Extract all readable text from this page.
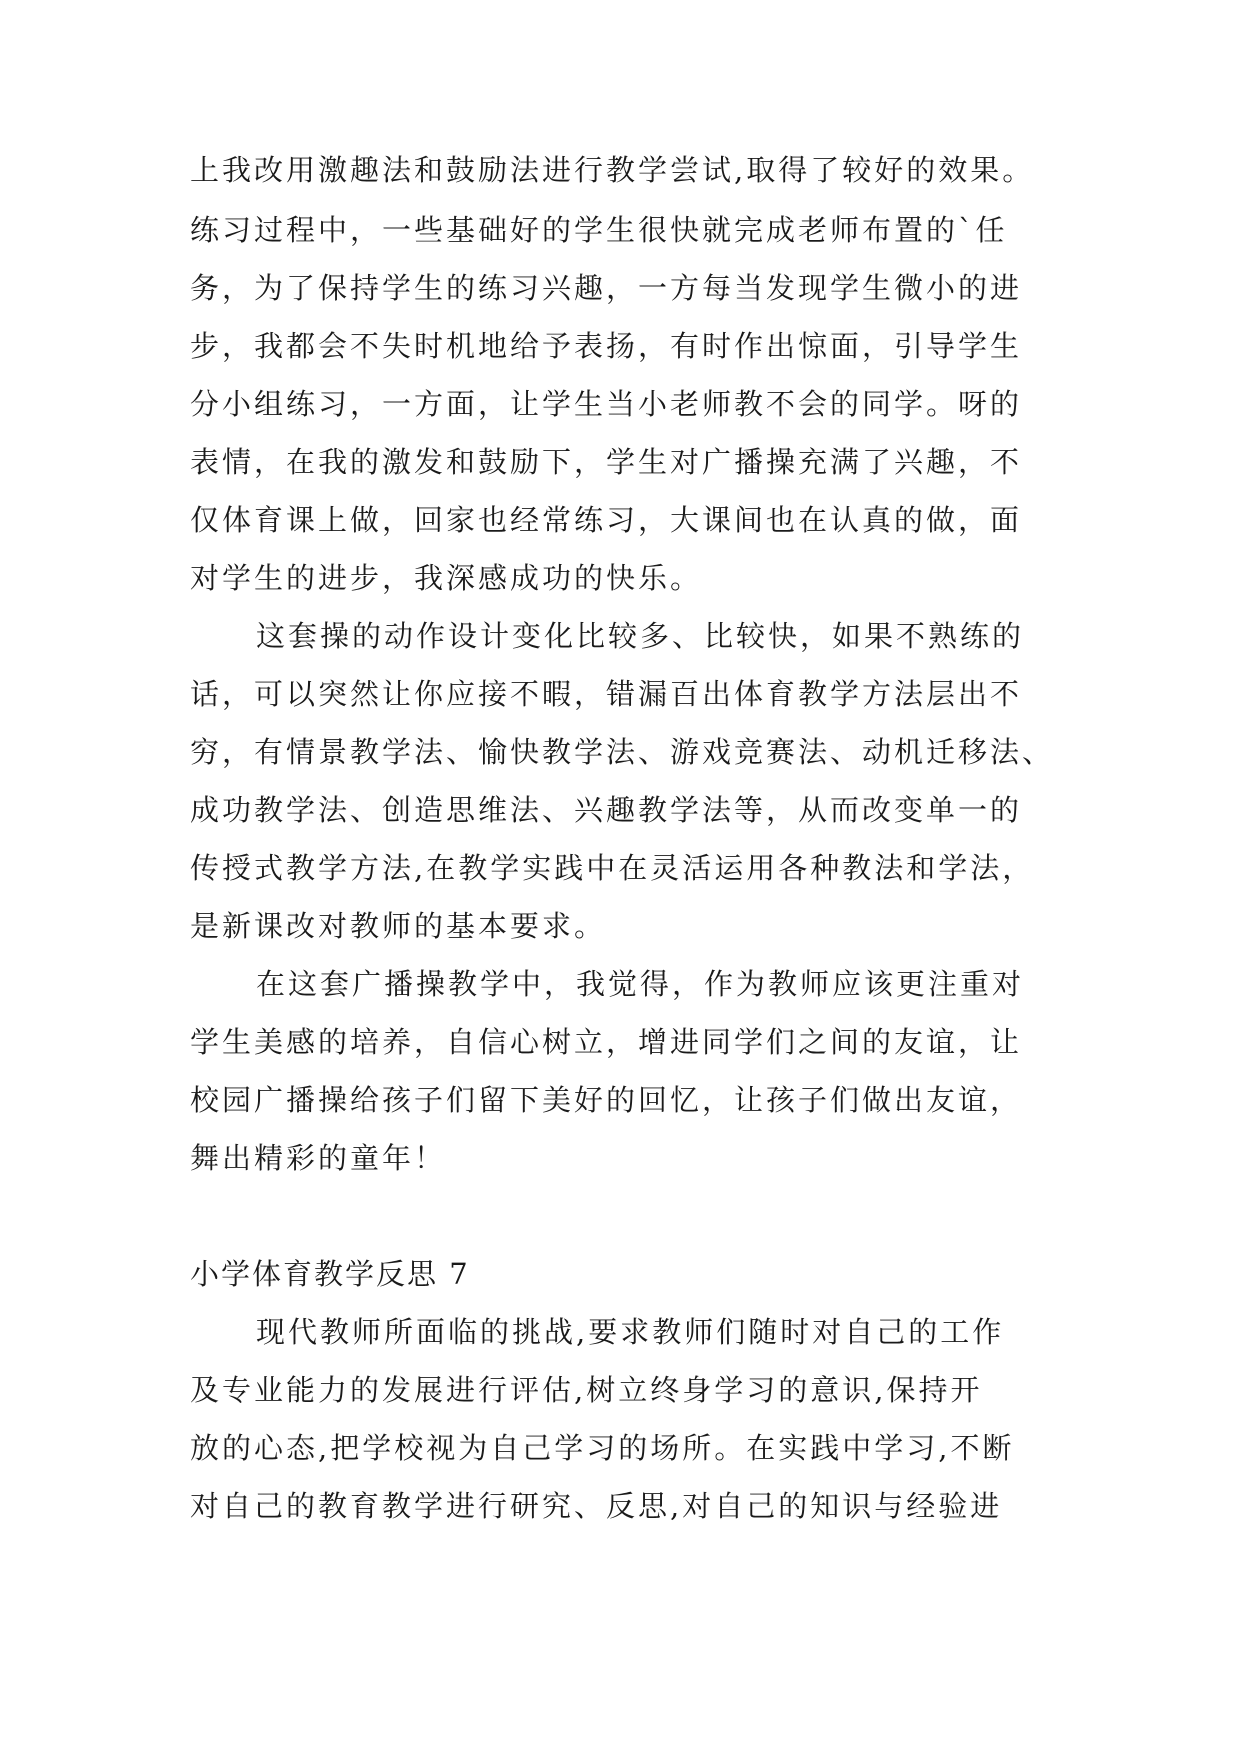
上我改用激趣法和鼓励法进行教学尝试,取得了较好的效果。
练习过程中，一些基础好的学生很快就完成老师布置的`任
务，为了保持学生的练习兴趣，一方每当发现学生微小的进
步，我都会不失时机地给予表扬，有时作出惊面，引导学生
分小组练习，一方面，让学生当小老师教不会的同学。呀的
表情，在我的激发和鼓励下，学生对广播操充满了兴趣，不
仅体育课上做，回家也经常练习，大课间也在认真的做，面
对学生的进步，我深感成功的快乐。
这套操的动作设计变化比较多、比较快，如果不熟练的
话，可以突然让你应接不暇，错漏百出体育教学方法层出不
穷，有情景教学法、愉快教学法、游戏竞赛法、动机迁移法、
成功教学法、创造思维法、兴趣教学法等，从而改变单一的
传授式教学方法,在教学实践中在灵活运用各种教法和学法，
是新课改对教师的基本要求。
在这套广播操教学中，我觉得，作为教师应该更注重对
学生美感的培养，自信心树立，增进同学们之间的友谊，让
校园广播操给孩子们留下美好的回忆，让孩子们做出友谊，
舞出精彩的童年！
小学体育教学反思 7
现代教师所面临的挑战,要求教师们随时对自己的工作
及专业能力的发展进行评估,树立终身学习的意识,保持开
放的心态,把学校视为自己学习的场所。在实践中学习,不断
对自己的教育教学进行研究、反思,对自己的知识与经验进
